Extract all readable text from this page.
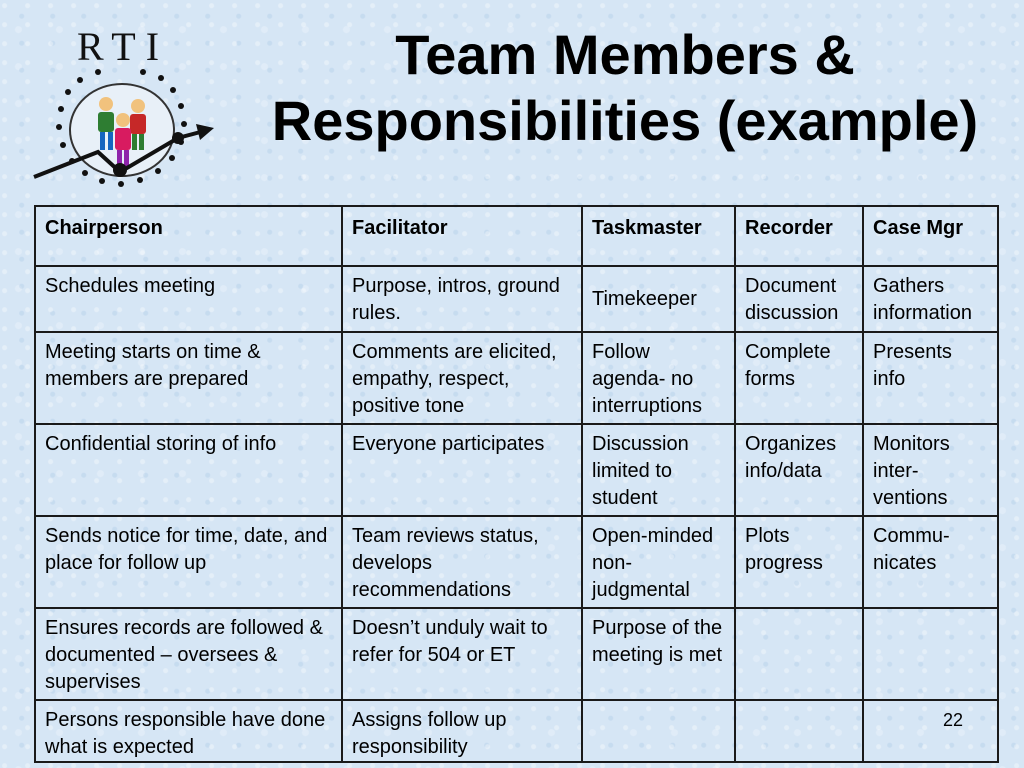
RTI	Team Members &
Responsibilities (example)
Chairperson	Facilitator	Taskmaster	Recorder	Case Mgr
Schedules meeting	Purpose, intros, ground rules.	Timekeeper	Document discussion	Gathers information
Meeting starts on time & members are prepared	Comments are elicited, empathy, respect, positive tone	Follow agenda- no interruptions	Complete forms	Presents info
Confidential storing of info	Everyone participates	Discussion limited to student	Organizes info/data	Monitors inter-ventions
Sends notice for time, date, and place for follow up	Team reviews status, develops recommendations	Open-minded non-judgmental	Plots progress	Commu-nicates
Ensures records are followed & documented – oversees & supervises	Doesn’t unduly wait to refer for 504 or ET	Purpose of the meeting is met		
Persons responsible have done what is expected	Assigns follow up responsibility			22
